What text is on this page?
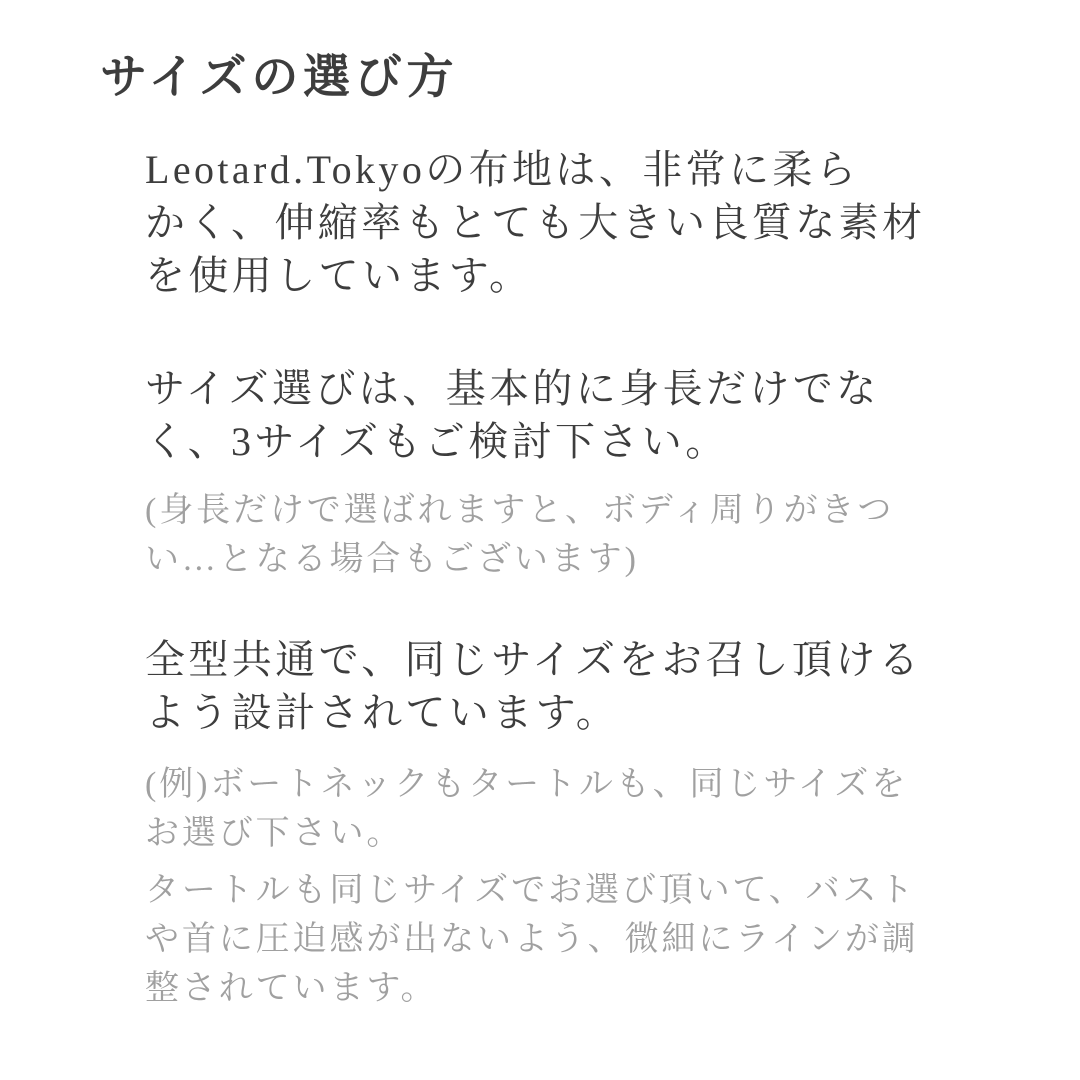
サイズの選び方
Leotard.Tokyoの布地は、非常に柔ら
かく、伸縮率もとても大きい良質な素材
を使用しています。
サイズ選びは、基本的に身長だけでな
く、3サイズもご検討下さい。
(身長だけで選ばれますと、ボディ周りがきつ
い…となる場合もございます)
全型共通で、同じサイズをお召し頂ける
よう設計されています。
(例)ボートネックもタートルも、同じサイズを
お選び下さい。
タートルも同じサイズでお選び頂いて、バスト
や首に圧迫感が出ないよう、微細にラインが調
整されています。
